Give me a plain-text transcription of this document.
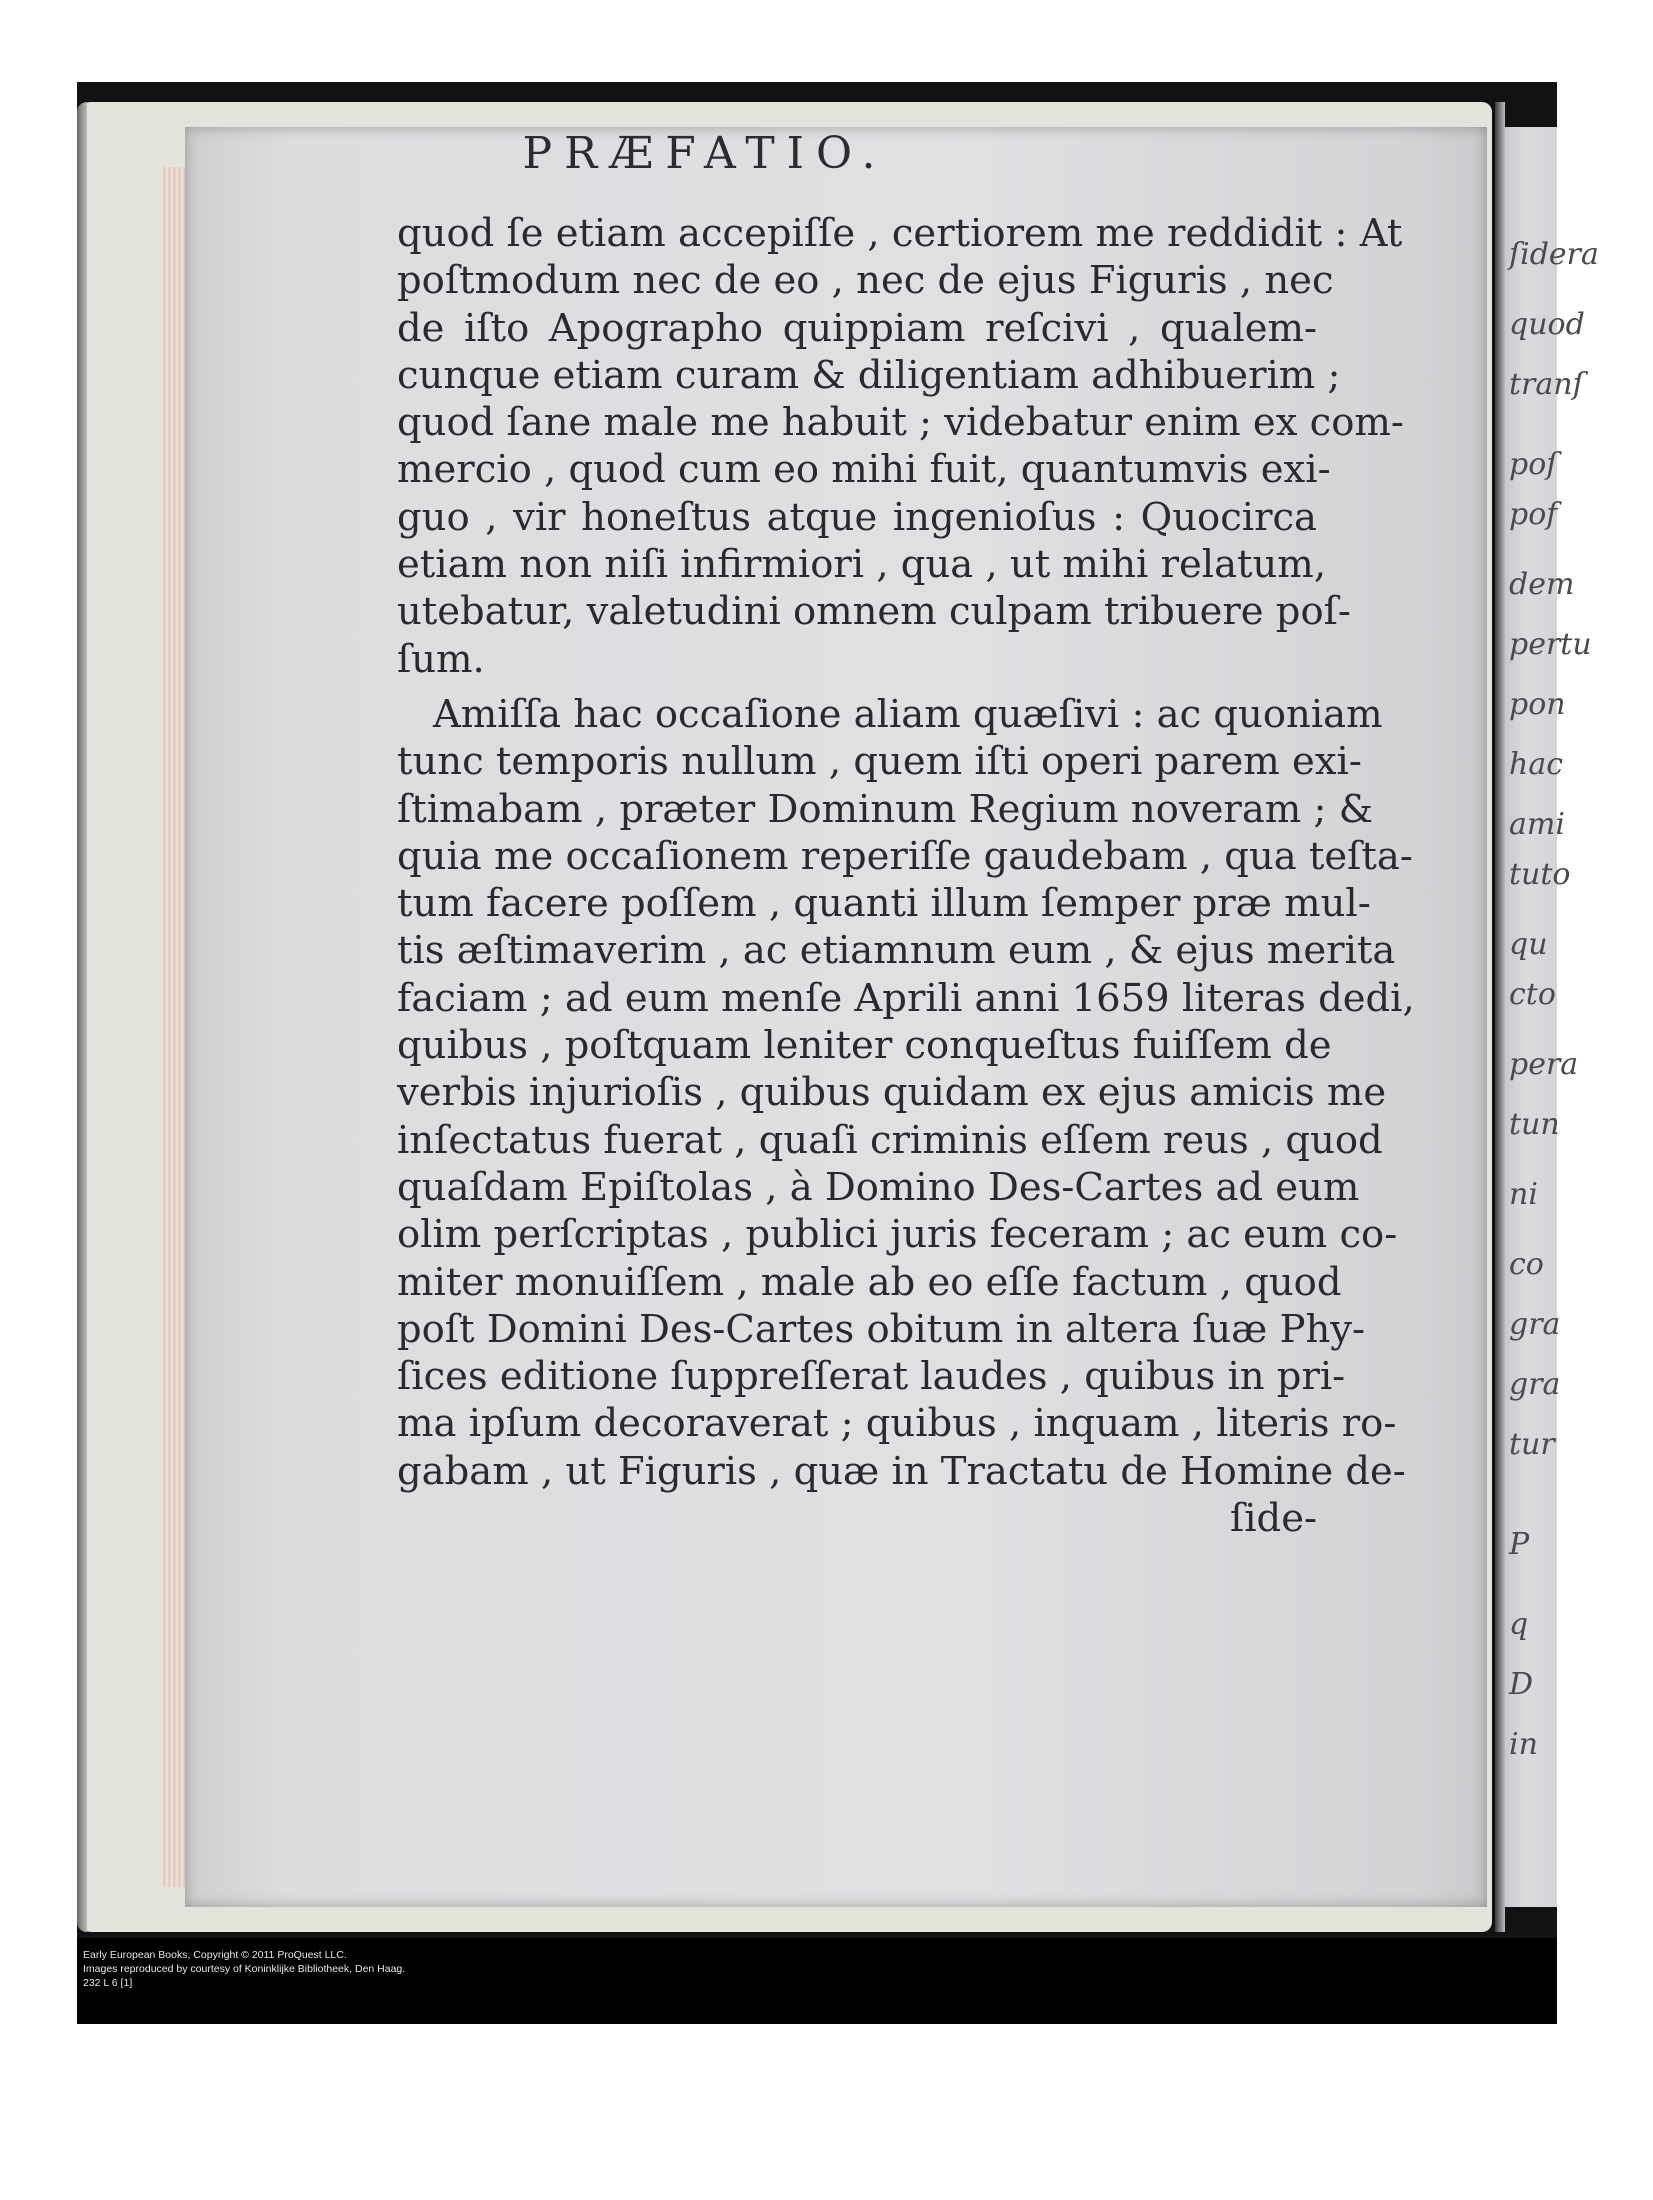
ſidera
quod
tranſ
poſ
pof
dem
pertu
pon
hac
ami
tuto
qu
cto
pera
tun
ni
co
gra
gra
tur
P
q
D
in
PRÆFATIO.
quod ſe etiam accepiſſe , certiorem me reddidit : At
poſtmodum nec de eo , nec de ejus Figuris , nec
de iſto Apographo quippiam reſcivi , qualem-
cunque etiam curam & diligentiam adhibuerim ;
quod ſane male me habuit ; videbatur enim ex com-
mercio , quod cum eo mihi fuit, quantumvis exi-
guo , vir honeſtus atque ingenioſus : Quocirca
etiam non niſi infirmiori , qua , ut mihi relatum,
utebatur, valetudini omnem culpam tribuere poſ-
ſum.
Amiſſa hac occaſione aliam quæſivi : ac quoniam
tunc temporis nullum , quem iſti operi parem exi-
ſtimabam , præter Dominum Regium noveram ; &
quia me occaſionem reperiſſe gaudebam , qua teſta-
tum facere poſſem , quanti illum ſemper præ mul-
tis æſtimaverim , ac etiamnum eum , & ejus merita
faciam ; ad eum menſe Aprili anni 1659 literas dedi,
quibus , poſtquam leniter conqueſtus fuiſſem de
verbis injurioſis , quibus quidam ex ejus amicis me
inſectatus fuerat , quaſi criminis eſſem reus , quod
quaſdam Epiſtolas , à Domino Des-Cartes ad eum
olim perſcriptas , publici juris feceram ; ac eum co-
miter monuiſſem , male ab eo eſſe factum , quod
poſt Domini Des-Cartes obitum in altera ſuæ Phy-
ſices editione ſuppreſſerat laudes , quibus in pri-
ma ipſum decoraverat ; quibus , inquam , literis ro-
gabam , ut Figuris , quæ in Tractatu de Homine de-
ſide-
Early European Books, Copyright © 2011 ProQuest LLC.
Images reproduced by courtesy of Koninklijke Bibliotheek, Den Haag.
232 L 6 [1]
